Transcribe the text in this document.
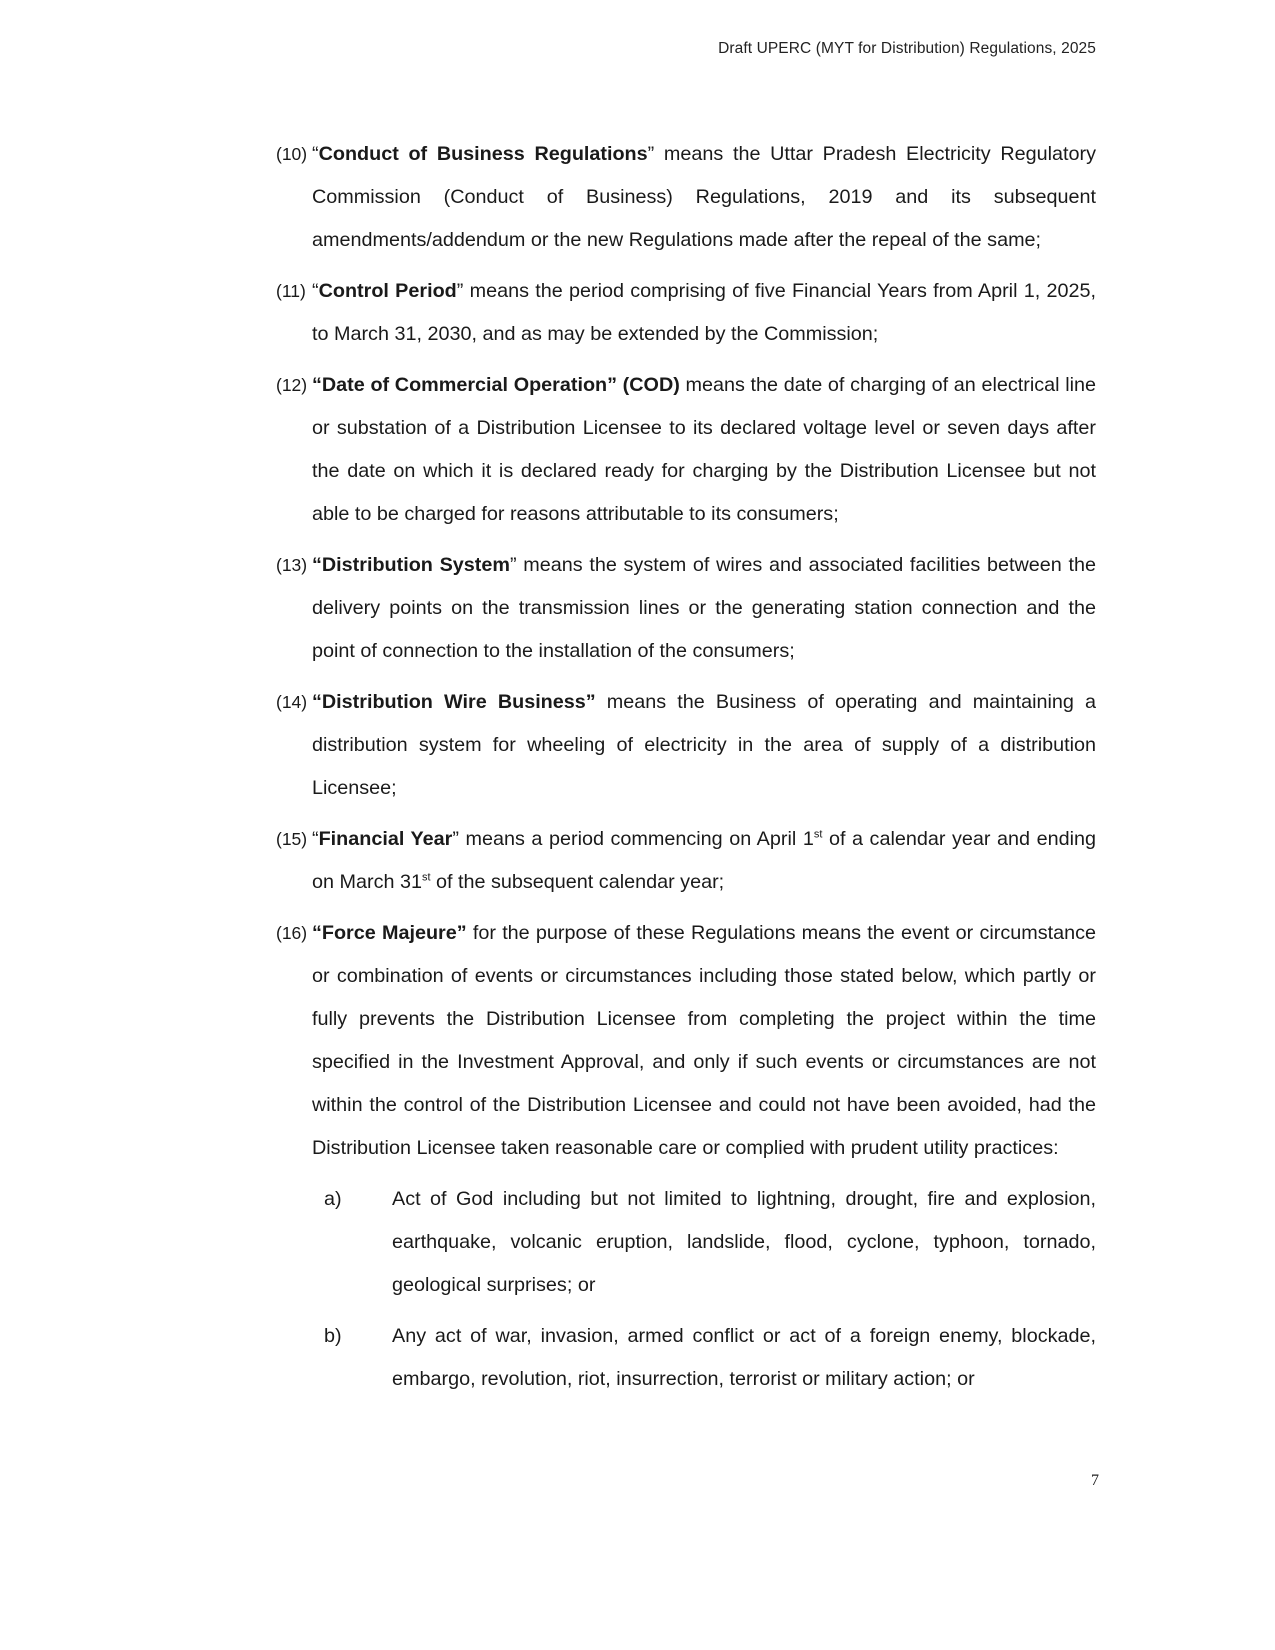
Draft UPERC (MYT for Distribution) Regulations, 2025
(10) “Conduct of Business Regulations” means the Uttar Pradesh Electricity Regulatory Commission (Conduct of Business) Regulations, 2019 and its subsequent amendments/addendum or the new Regulations made after the repeal of the same;
(11) “Control Period” means the period comprising of five Financial Years from April 1, 2025, to March 31, 2030, and as may be extended by the Commission;
(12) “Date of Commercial Operation” (COD) means the date of charging of an electrical line or substation of a Distribution Licensee to its declared voltage level or seven days after the date on which it is declared ready for charging by the Distribution Licensee but not able to be charged for reasons attributable to its consumers;
(13) “Distribution System” means the system of wires and associated facilities between the delivery points on the transmission lines or the generating station connection and the point of connection to the installation of the consumers;
(14) “Distribution Wire Business” means the Business of operating and maintaining a distribution system for wheeling of electricity in the area of supply of a distribution Licensee;
(15) “Financial Year” means a period commencing on April 1st of a calendar year and ending on March 31st of the subsequent calendar year;
(16) “Force Majeure” for the purpose of these Regulations means the event or circumstance or combination of events or circumstances including those stated below, which partly or fully prevents the Distribution Licensee from completing the project within the time specified in the Investment Approval, and only if such events or circumstances are not within the control of the Distribution Licensee and could not have been avoided, had the Distribution Licensee taken reasonable care or complied with prudent utility practices:
a)	Act of God including but not limited to lightning, drought, fire and explosion, earthquake, volcanic eruption, landslide, flood, cyclone, typhoon, tornado, geological surprises; or
b)	Any act of war, invasion, armed conflict or act of a foreign enemy, blockade, embargo, revolution, riot, insurrection, terrorist or military action; or
7
